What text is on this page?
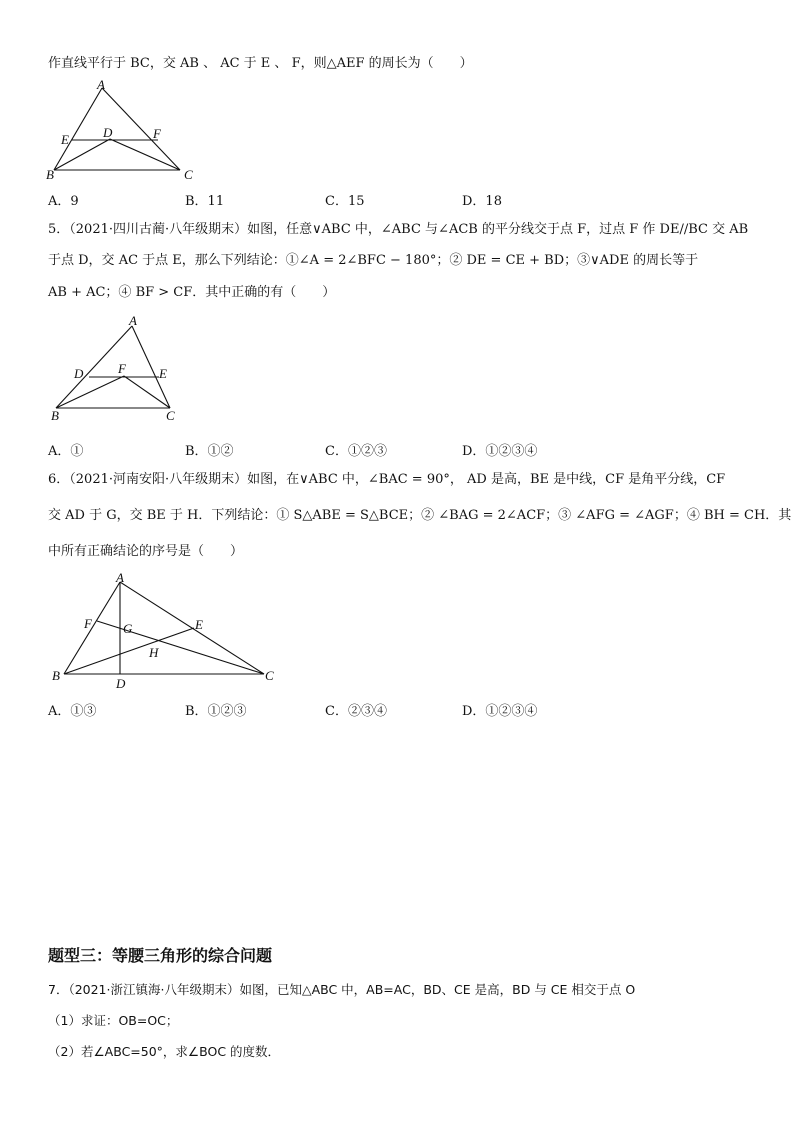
作直线平行于 BC，交 AB 、 AC 于 E 、 F，则△AEF 的周长为（　　）
A
E	D	F
B	C
A．9	B．11	C．15	D．18
5．（2021·四川古蔺·八年级期末）如图，任意∨ABC 中，∠ABC 与∠ACB 的平分线交于点 F，过点 F 作 DE//BC 交 AB
于点 D，交 AC 于点 E，那么下列结论：①∠A = 2∠BFC − 180°；② DE = CE + BD；③∨ADE 的周长等于
AB + AC；④ BF > CF．其中正确的有（　　）
A
D	F	E
B	C
A．①	B．①②	C．①②③	D．①②③④
6．（2021·河南安阳·八年级期末）如图，在∨ABC 中，∠BAC = 90°， AD 是高，BE 是中线，CF 是角平分线，CF
交 AD 于 G，交 BE 于 H．下列结论：① S△ABE = S△BCE；② ∠BAG = 2∠ACF；③ ∠AFG = ∠AGF；④ BH = CH．其
中所有正确结论的序号是（　　）
A
F G	E
H
B	C
D
A．①③	B．①②③	C．②③④	D．①②③④
题型三：等腰三角形的综合问题
7．（2021·浙江镇海·八年级期末）如图，已知△ABC 中，AB=AC，BD、CE 是高，BD 与 CE 相交于点 O
（1）求证：OB=OC；
（2）若∠ABC=50°，求∠BOC 的度数．
